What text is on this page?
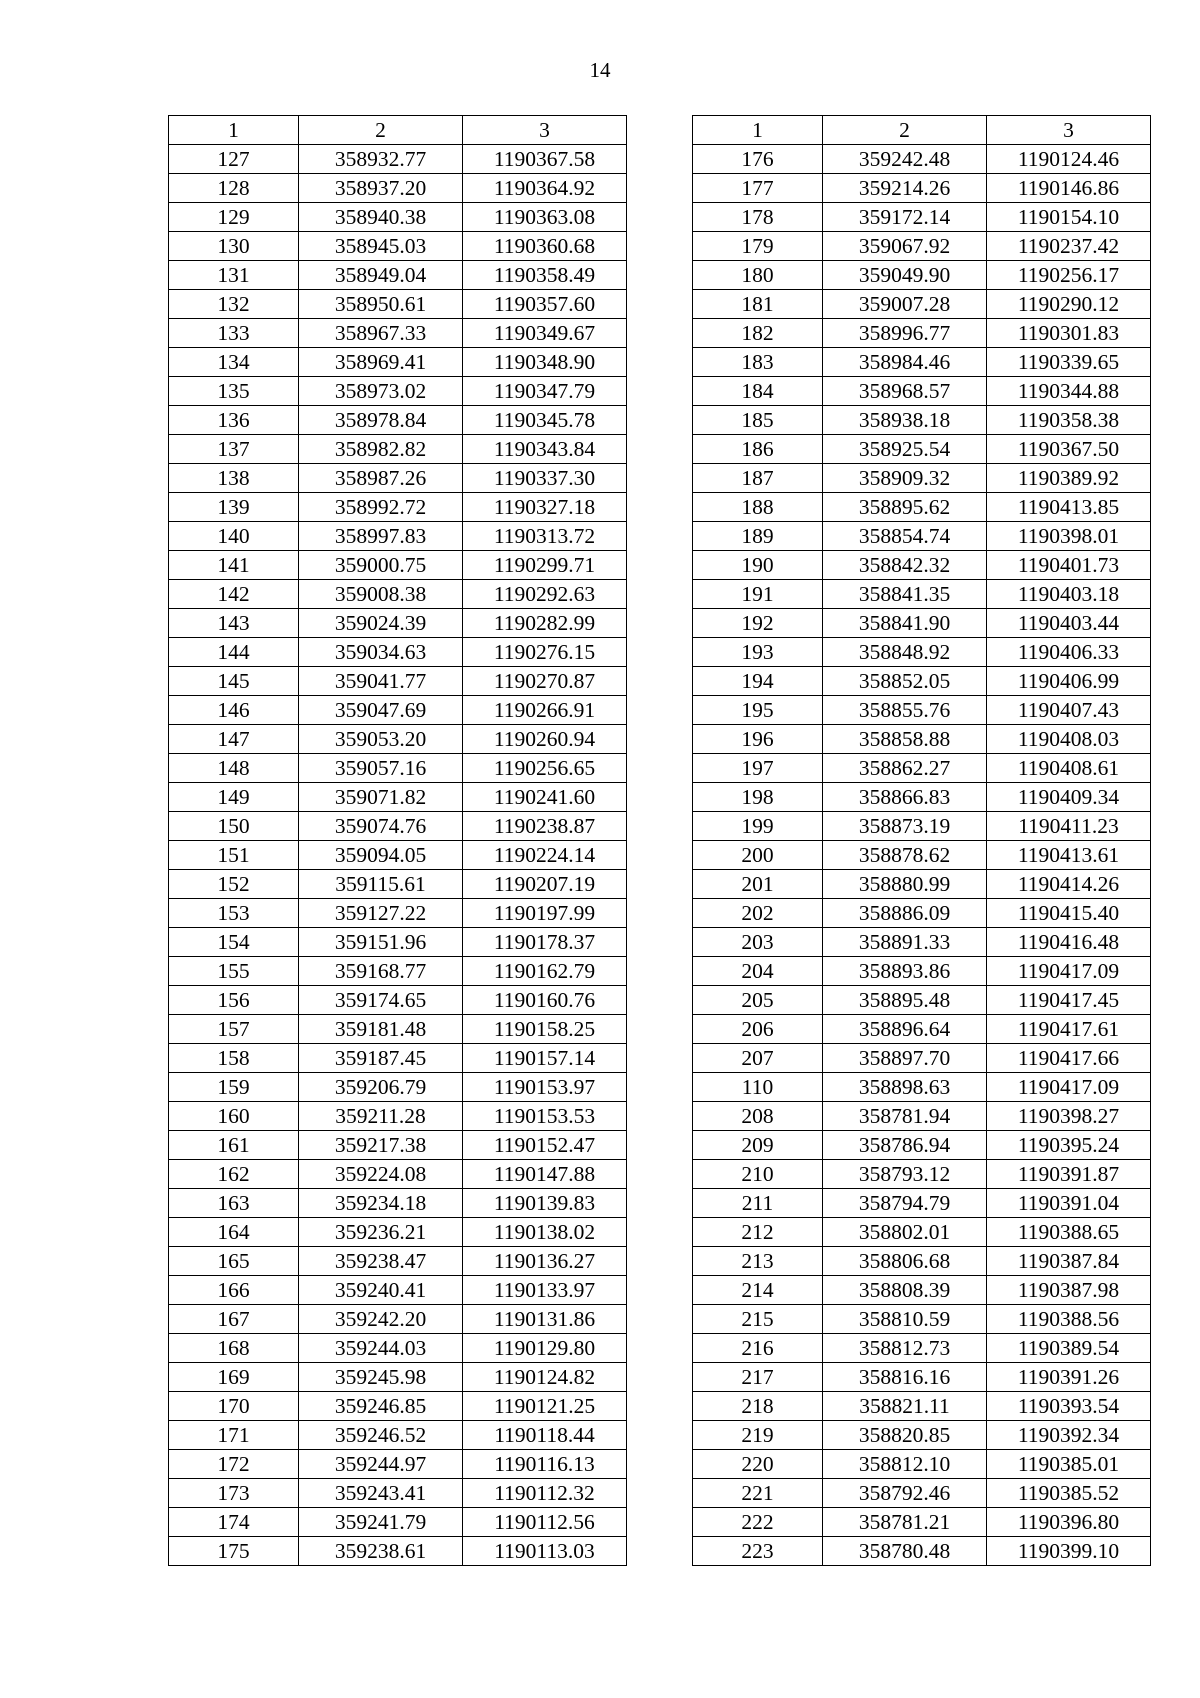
14
1	2	3
127	358932.77	1190367.58
128	358937.20	1190364.92
129	358940.38	1190363.08
130	358945.03	1190360.68
131	358949.04	1190358.49
132	358950.61	1190357.60
133	358967.33	1190349.67
134	358969.41	1190348.90
135	358973.02	1190347.79
136	358978.84	1190345.78
137	358982.82	1190343.84
138	358987.26	1190337.30
139	358992.72	1190327.18
140	358997.83	1190313.72
141	359000.75	1190299.71
142	359008.38	1190292.63
143	359024.39	1190282.99
144	359034.63	1190276.15
145	359041.77	1190270.87
146	359047.69	1190266.91
147	359053.20	1190260.94
148	359057.16	1190256.65
149	359071.82	1190241.60
150	359074.76	1190238.87
151	359094.05	1190224.14
152	359115.61	1190207.19
153	359127.22	1190197.99
154	359151.96	1190178.37
155	359168.77	1190162.79
156	359174.65	1190160.76
157	359181.48	1190158.25
158	359187.45	1190157.14
159	359206.79	1190153.97
160	359211.28	1190153.53
161	359217.38	1190152.47
162	359224.08	1190147.88
163	359234.18	1190139.83
164	359236.21	1190138.02
165	359238.47	1190136.27
166	359240.41	1190133.97
167	359242.20	1190131.86
168	359244.03	1190129.80
169	359245.98	1190124.82
170	359246.85	1190121.25
171	359246.52	1190118.44
172	359244.97	1190116.13
173	359243.41	1190112.32
174	359241.79	1190112.56
175	359238.61	1190113.03
1	2	3
176	359242.48	1190124.46
177	359214.26	1190146.86
178	359172.14	1190154.10
179	359067.92	1190237.42
180	359049.90	1190256.17
181	359007.28	1190290.12
182	358996.77	1190301.83
183	358984.46	1190339.65
184	358968.57	1190344.88
185	358938.18	1190358.38
186	358925.54	1190367.50
187	358909.32	1190389.92
188	358895.62	1190413.85
189	358854.74	1190398.01
190	358842.32	1190401.73
191	358841.35	1190403.18
192	358841.90	1190403.44
193	358848.92	1190406.33
194	358852.05	1190406.99
195	358855.76	1190407.43
196	358858.88	1190408.03
197	358862.27	1190408.61
198	358866.83	1190409.34
199	358873.19	1190411.23
200	358878.62	1190413.61
201	358880.99	1190414.26
202	358886.09	1190415.40
203	358891.33	1190416.48
204	358893.86	1190417.09
205	358895.48	1190417.45
206	358896.64	1190417.61
207	358897.70	1190417.66
110	358898.63	1190417.09
208	358781.94	1190398.27
209	358786.94	1190395.24
210	358793.12	1190391.87
211	358794.79	1190391.04
212	358802.01	1190388.65
213	358806.68	1190387.84
214	358808.39	1190387.98
215	358810.59	1190388.56
216	358812.73	1190389.54
217	358816.16	1190391.26
218	358821.11	1190393.54
219	358820.85	1190392.34
220	358812.10	1190385.01
221	358792.46	1190385.52
222	358781.21	1190396.80
223	358780.48	1190399.10
